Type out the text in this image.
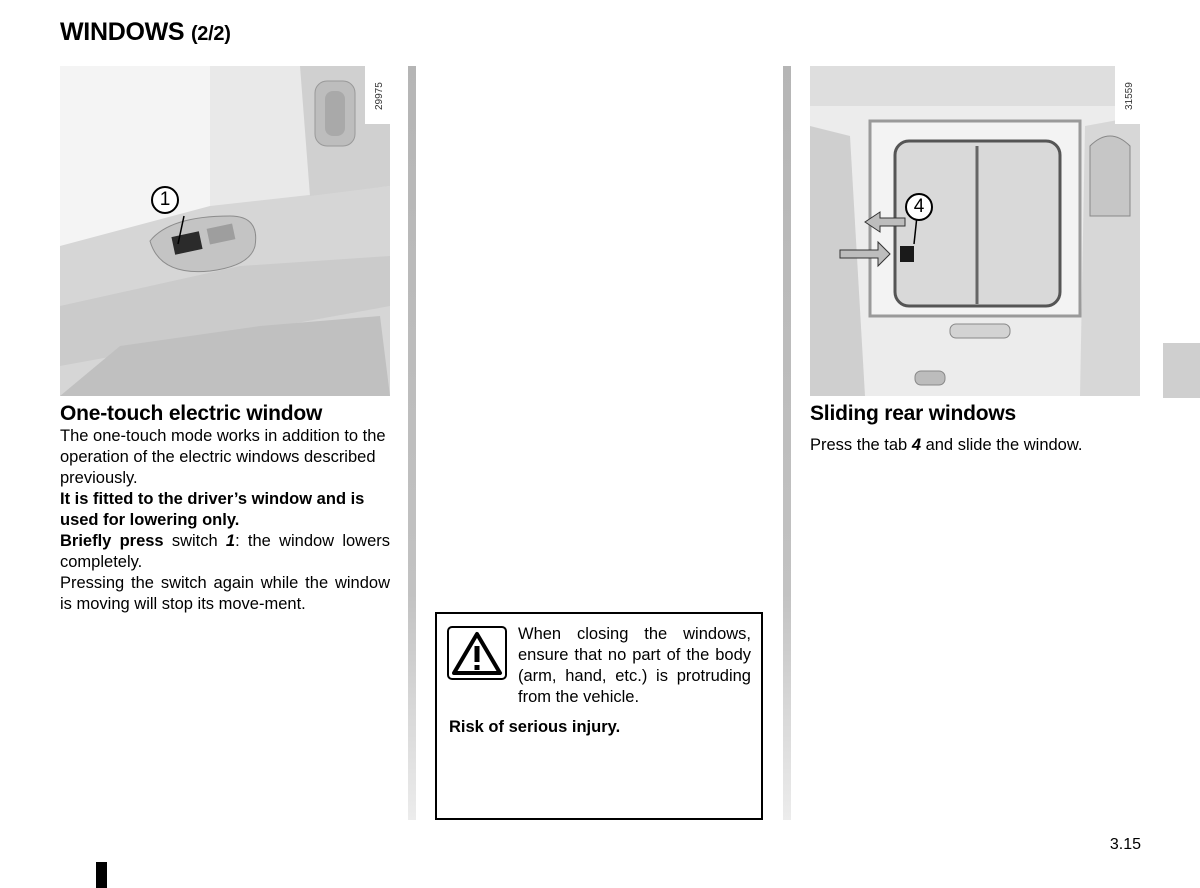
WINDOWS (2/2)
29975
1
One-touch electric window

The one-touch mode works in addition to the operation of the electric windows described previously.

It is fitted to the driver’s window and is used for lowering only.

Briefly press switch 1: the window lowers completely.

Pressing the switch again while the window is moving will stop its move-ment.

When closing the windows, ensure that no part of the body (arm, hand, etc.) is protruding from the vehicle.
Risk of serious injury.
31559
4
Sliding rear windows
Press the tab 4 and slide the window.
3.15
